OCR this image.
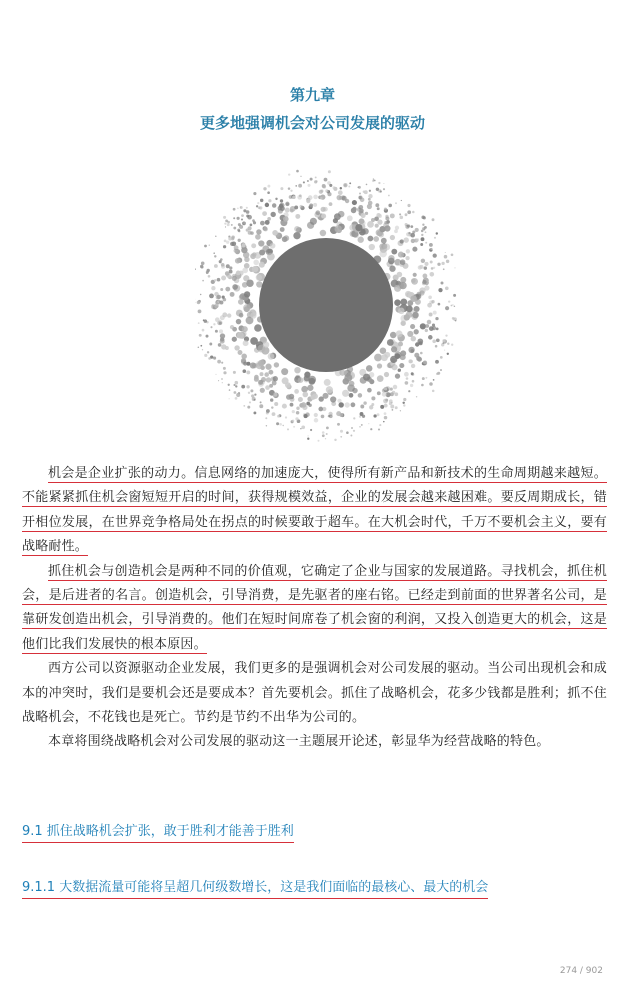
第九章
更多地强调机会对公司发展的驱动

机会是企业扩张的动力。信息网络的加速庞大，使得所有新产品和新技术的生命周期越来越短。不能紧紧抓住机会窗短短开启的时间，获得规模效益，企业的发展会越来越困难。要反周期成长，错开相位发展，在世界竞争格局处在拐点的时候要敢于超车。在大机会时代，千万不要机会主义，要有战略耐性。

抓住机会与创造机会是两种不同的价值观，它确定了企业与国家的发展道路。寻找机会，抓住机会，是后进者的名言。创造机会，引导消费，是先驱者的座右铭。已经走到前面的世界著名公司，是靠研发创造出机会，引导消费的。他们在短时间席卷了机会窗的利润，又投入创造更大的机会，这是他们比我们发展快的根本原因。

西方公司以资源驱动企业发展，我们更多的是强调机会对公司发展的驱动。当公司出现机会和成本的冲突时，我们是要机会还是要成本？首先要机会。抓住了战略机会，花多少钱都是胜利；抓不住战略机会，不花钱也是死亡。节约是节约不出华为公司的。

本章将围绕战略机会对公司发展的驱动这一主题展开论述，彰显华为经营战略的特色。

9.1 抓住战略机会扩张，敢于胜利才能善于胜利
9.1.1 大数据流量可能将呈超几何级数增长，这是我们面临的最核心、最大的机会
274 / 902
